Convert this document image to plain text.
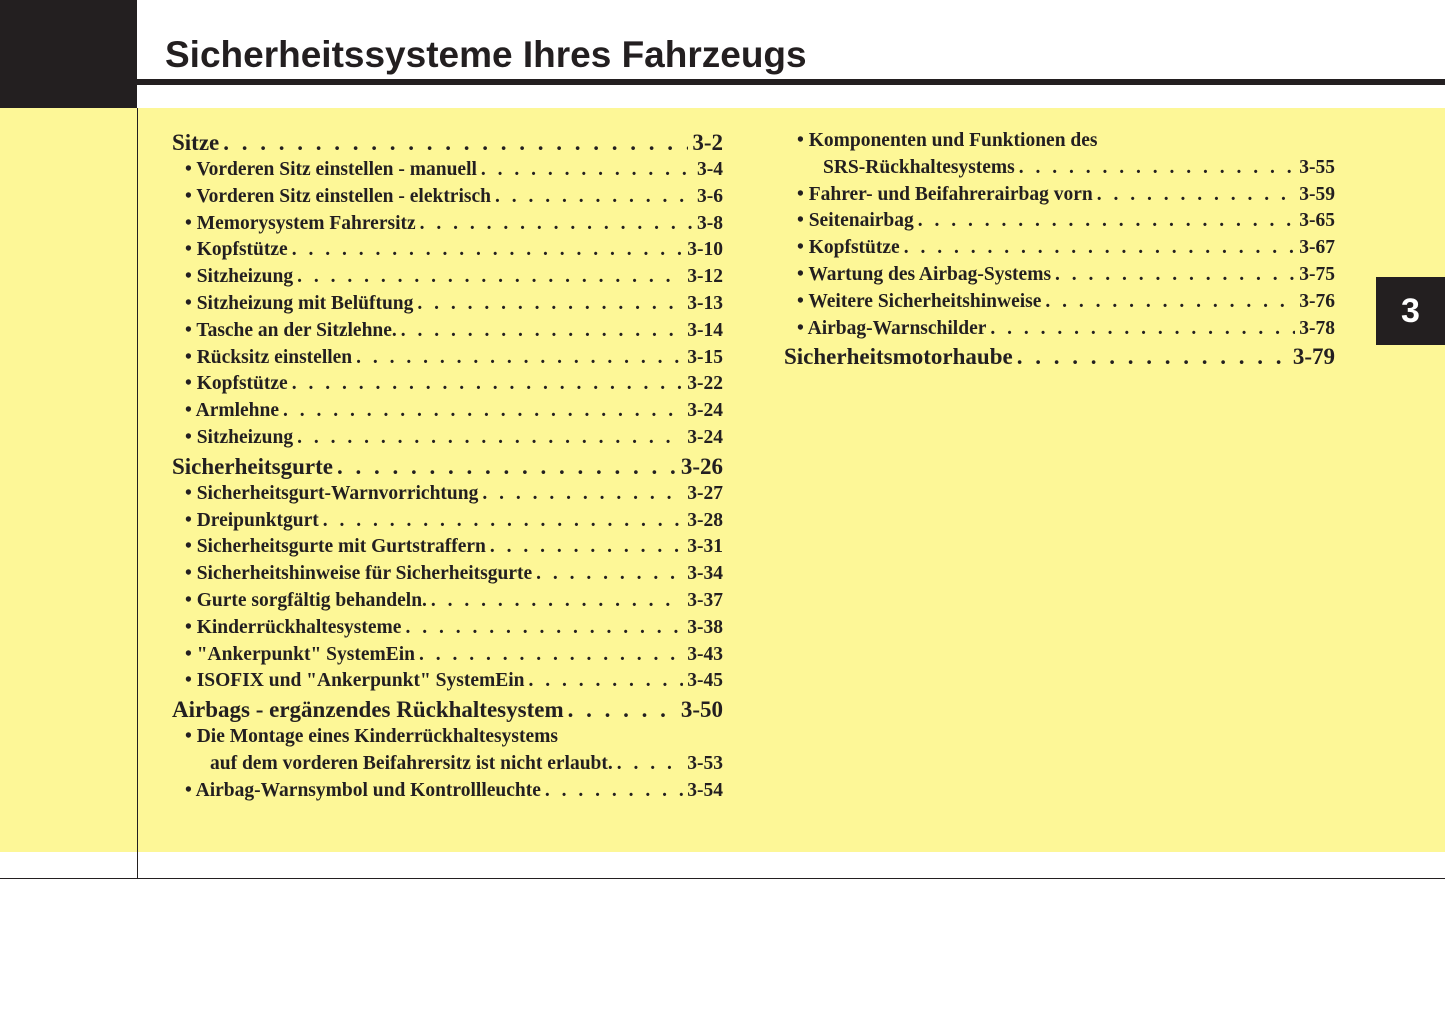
Sicherheitssysteme Ihres Fahrzeugs
Sitze . . .	3-2
• Vorderen Sitz einstellen - manuell . . .	3-4
• Vorderen Sitz einstellen - elektrisch . . .	3-6
• Memorysystem Fahrersitz . . .	3-8
• Kopfstütze . . .	3-10
• Sitzheizung . . .	3-12
• Sitzheizung mit Belüftung . . .	3-13
• Tasche an der Sitzlehne. . . .	3-14
• Rücksitz einstellen . . .	3-15
• Kopfstütze . . .	3-22
• Armlehne . . .	3-24
• Sitzheizung . . .	3-24
Sicherheitsgurte . . .	3-26
• Sicherheitsgurt-Warnvorrichtung . . .	3-27
• Dreipunktgurt . . .	3-28
• Sicherheitsgurte mit Gurtstraffern . . .	3-31
• Sicherheitshinweise für Sicherheitsgurte . . .	3-34
• Gurte sorgfältig behandeln. . . .	3-37
• Kinderrückhaltesysteme . . .	3-38
• "Ankerpunkt" SystemEin . . .	3-43
• ISOFIX und "Ankerpunkt" SystemEin . . .	3-45
Airbags - ergänzendes Rückhaltesystem . . .	3-50
• Die Montage eines Kinderrückhaltesystems
auf dem vorderen Beifahrersitz ist nicht erlaubt. . . .	3-53
• Airbag-Warnsymbol und Kontrollleuchte . . .	3-54
• Komponenten und Funktionen des
SRS-Rückhaltesystems . . .	3-55
• Fahrer- und Beifahrerairbag vorn . . .	3-59
• Seitenairbag . . .	3-65
• Kopfstütze . . .	3-67
• Wartung des Airbag-Systems . . .	3-75
• Weitere Sicherheitshinweise . . .	3-76
• Airbag-Warnschilder . . .	3-78
Sicherheitsmotorhaube . . .	3-79
3
